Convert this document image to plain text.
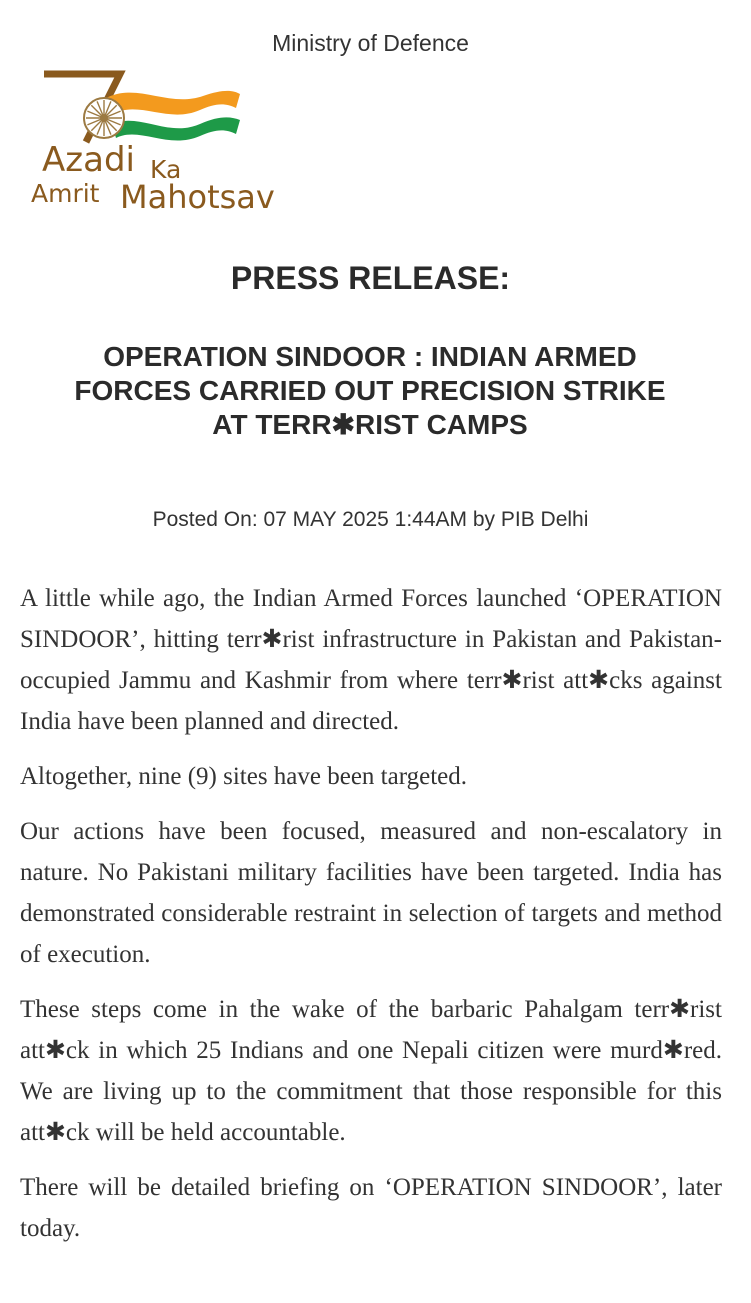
Ministry of Defence
Azadi Ka
Amrit Mahotsav
PRESS RELEASE:
OPERATION SINDOOR : INDIAN ARMED FORCES CARRIED OUT PRECISION STRIKE AT TERR✱RIST CAMPS
Posted On: 07 MAY 2025 1:44AM by PIB Delhi

A little while ago, the Indian Armed Forces launched ‘OPERATION SINDOOR’, hitting terr✱rist infrastructure in Pakistan and Pakistan-occupied Jammu and Kashmir from where terr✱rist att✱cks against India have been planned and directed.

Altogether, nine (9) sites have been targeted.

Our actions have been focused, measured and non-escalatory in nature. No Pakistani military facilities have been targeted. India has demonstrated considerable restraint in selection of targets and method of execution.

These steps come in the wake of the barbaric Pahalgam terr✱rist att✱ck in which 25 Indians and one Nepali citizen were murd✱red. We are living up to the commitment that those responsible for this att✱ck will be held accountable.

There will be detailed briefing on ‘OPERATION SINDOOR’, later today.
